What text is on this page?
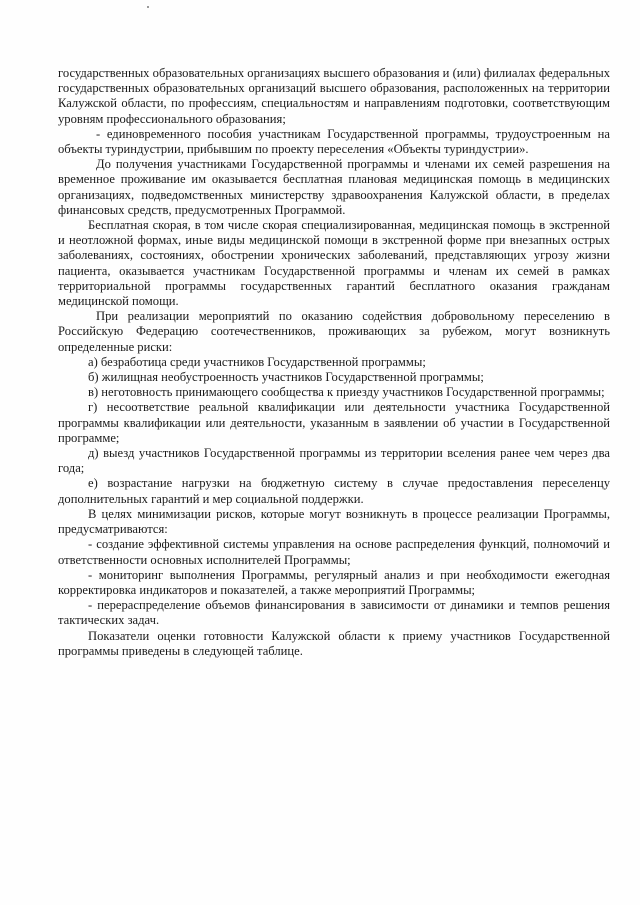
государственных образовательных организациях высшего образования и (или) филиалах федеральных государственных образовательных организаций высшего образования, расположенных на территории Калужской области, по профессиям, специальностям и направлениям подготовки, соответствующим уровням профессионального образования;

- единовременного пособия участникам Государственной программы, трудоустроенным на объекты туриндустрии, прибывшим по проекту переселения «Объекты туриндустрии».

До получения участниками Государственной программы и членами их семей разрешения на временное проживание им оказывается бесплатная плановая медицинская помощь в медицинских организациях, подведомственных министерству здравоохранения Калужской области, в пределах финансовых средств, предусмотренных Программой.

Бесплатная скорая, в том числе скорая специализированная, медицинская помощь в экстренной и неотложной формах, иные виды медицинской помощи в экстренной форме при внезапных острых заболеваниях, состояниях, обострении хронических заболеваний, представляющих угрозу жизни пациента, оказывается участникам Государственной программы и членам их семей в рамках территориальной программы государственных гарантий бесплатного оказания гражданам медицинской помощи.

При реализации мероприятий по оказанию содействия добровольному переселению в Российскую Федерацию соотечественников, проживающих за рубежом, могут возникнуть определенные риски:

а) безработица среди участников Государственной программы;

б) жилищная необустроенность участников Государственной программы;

в) неготовность принимающего сообщества к приезду участников Государственной программы;

г) несоответствие реальной квалификации или деятельности участника Государственной программы квалификации или деятельности, указанным в заявлении об участии в Государственной программе;

д) выезд участников Государственной программы из территории вселения ранее чем через два года;

е) возрастание нагрузки на бюджетную систему в случае предоставления переселенцу дополнительных гарантий и мер социальной поддержки.

В целях минимизации рисков, которые могут возникнуть в процессе реализации Программы, предусматриваются:

- создание эффективной системы управления на основе распределения функций, полномочий и ответственности основных исполнителей Программы;

- мониторинг выполнения Программы, регулярный анализ и при необходимости ежегодная корректировка индикаторов и показателей, а также мероприятий Программы;

- перераспределение объемов финансирования в зависимости от динамики и темпов решения тактических задач.

Показатели оценки готовности Калужской области к приему участников Государственной программы приведены в следующей таблице.
